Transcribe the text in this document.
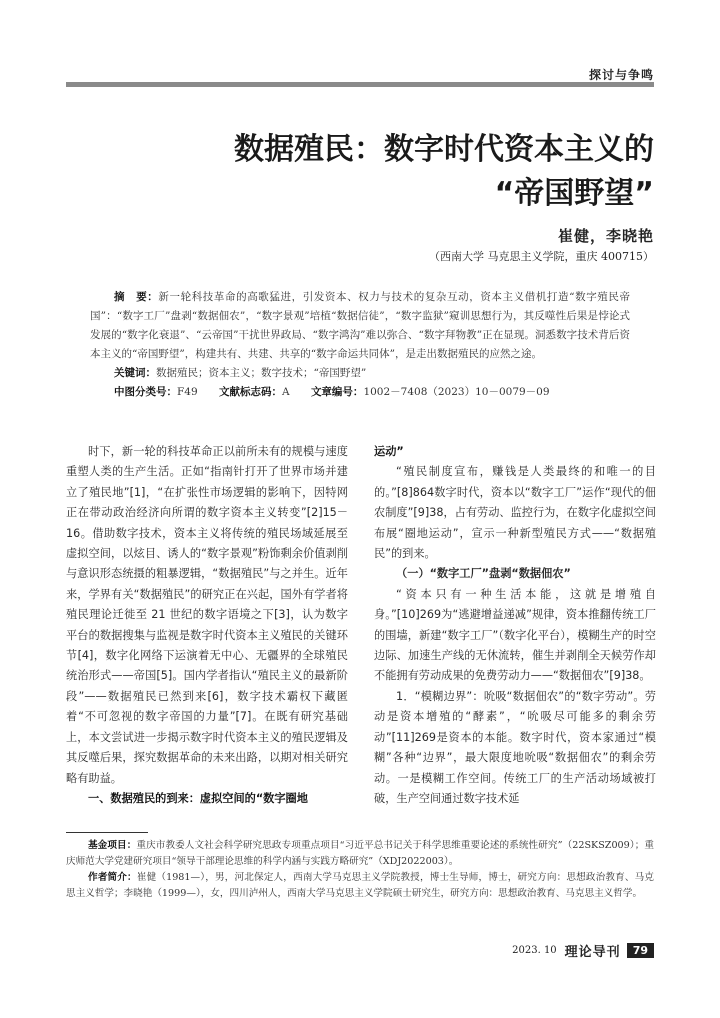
探讨与争鸣
数据殖民：数字时代资本主义的
“帝国野望”
崔健，李晓艳
（西南大学 马克思主义学院，重庆 400715）
摘　要：新一轮科技革命的高歌猛进，引发资本、权力与技术的复杂互动，资本主义借机打造“数字殖民帝国”：“数字工厂”盘剥“数据佃农”，“数字景观”培植“数据信徒”，“数字监狱”窥训思想行为，其反噬性后果是悖论式发展的“数字化衰退”、“云帝国”干扰世界政局、“数字鸿沟”难以弥合、“数字拜物教”正在显现。洞悉数字技术背后资本主义的“帝国野望”，构建共有、共建、共享的“数字命运共同体”，是走出数据殖民的应然之途。
关键词：数据殖民；资本主义；数字技术；“帝国野望”
中图分类号：F49 文献标志码：A 文章编号：1002－7408（2023）10－0079－09

时下，新一轮的科技革命正以前所未有的规模与速度重塑人类的生产生活。正如“指南针打开了世界市场并建立了殖民地”[1]，“在扩张性市场逻辑的影响下，因特网正在带动政治经济向所谓的数字资本主义转变”[2]15－16。借助数字技术，资本主义将传统的殖民场域延展至虚拟空间，以炫目、诱人的“数字景观”粉饰剩余价值剥削与意识形态统摄的粗暴逻辑，“数据殖民”与之并生。近年来，学界有关“数据殖民”的研究正在兴起，国外有学者将殖民理论迁徙至 21 世纪的数字语境之下[3]，认为数字平台的数据搜集与监视是数字时代资本主义殖民的关键环节[4]，数字化网络下运演着无中心、无疆界的全球殖民统治形式——帝国[5]。国内学者指认“殖民主义的最新阶段”——数据殖民已然到来[6]，数字技术霸权下藏匿着“不可忽视的数字帝国的力量”[7]。在既有研究基础上，本文尝试进一步揭示数字时代资本主义的殖民逻辑及其反噬后果，探究数据革命的未来出路，以期对相关研究略有助益。

一、数据殖民的到来：虚拟空间的“数字圈地

运动”

“殖民制度宣布，赚钱是人类最终的和唯一的目的。”[8]864数字时代，资本以“数字工厂”运作“现代的佃农制度”[9]38，占有劳动、监控行为，在数字化虚拟空间布展“圈地运动”，宣示一种新型殖民方式——“数据殖民”的到来。

（一）“数字工厂”盘剥“数据佃农”

“资本只有一种生活本能，这就是增殖自身。”[10]269为“逃避增益递减”规律，资本推翻传统工厂的围墙，新建“数字工厂”（数字化平台），模糊生产的时空边际、加速生产线的无休流转，催生并剥削全天候劳作却不能拥有劳动成果的免费劳动力——“数据佃农”[9]38。

1．“模糊边界”：吮吸“数据佃农”的“数字劳动”。劳动是资本增殖的“酵素”，“吮吸尽可能多的剩余劳动”[11]269是资本的本能。数字时代，资本家通过“模糊”各种“边界”，最大限度地吮吸“数据佃农”的剩余劳动。一是模糊工作空间。传统工厂的生产活动场域被打破，生产空间通过数字技术延

基金项目：重庆市教委人文社会科学研究思政专项重点项目“习近平总书记关于科学思维重要论述的系统性研究”（22SKSZ009）；重庆师范大学党建研究项目“领导干部理论思维的科学内涵与实践方略研究”（XDJ2022003）。

作者简介：崔健（1981—），男，河北保定人，西南大学马克思主义学院教授，博士生导师，博士，研究方向：思想政治教育、马克思主义哲学；李晓艳（1999—），女，四川泸州人，西南大学马克思主义学院硕士研究生，研究方向：思想政治教育、马克思主义哲学。

2023. 10 理论导刊	79
